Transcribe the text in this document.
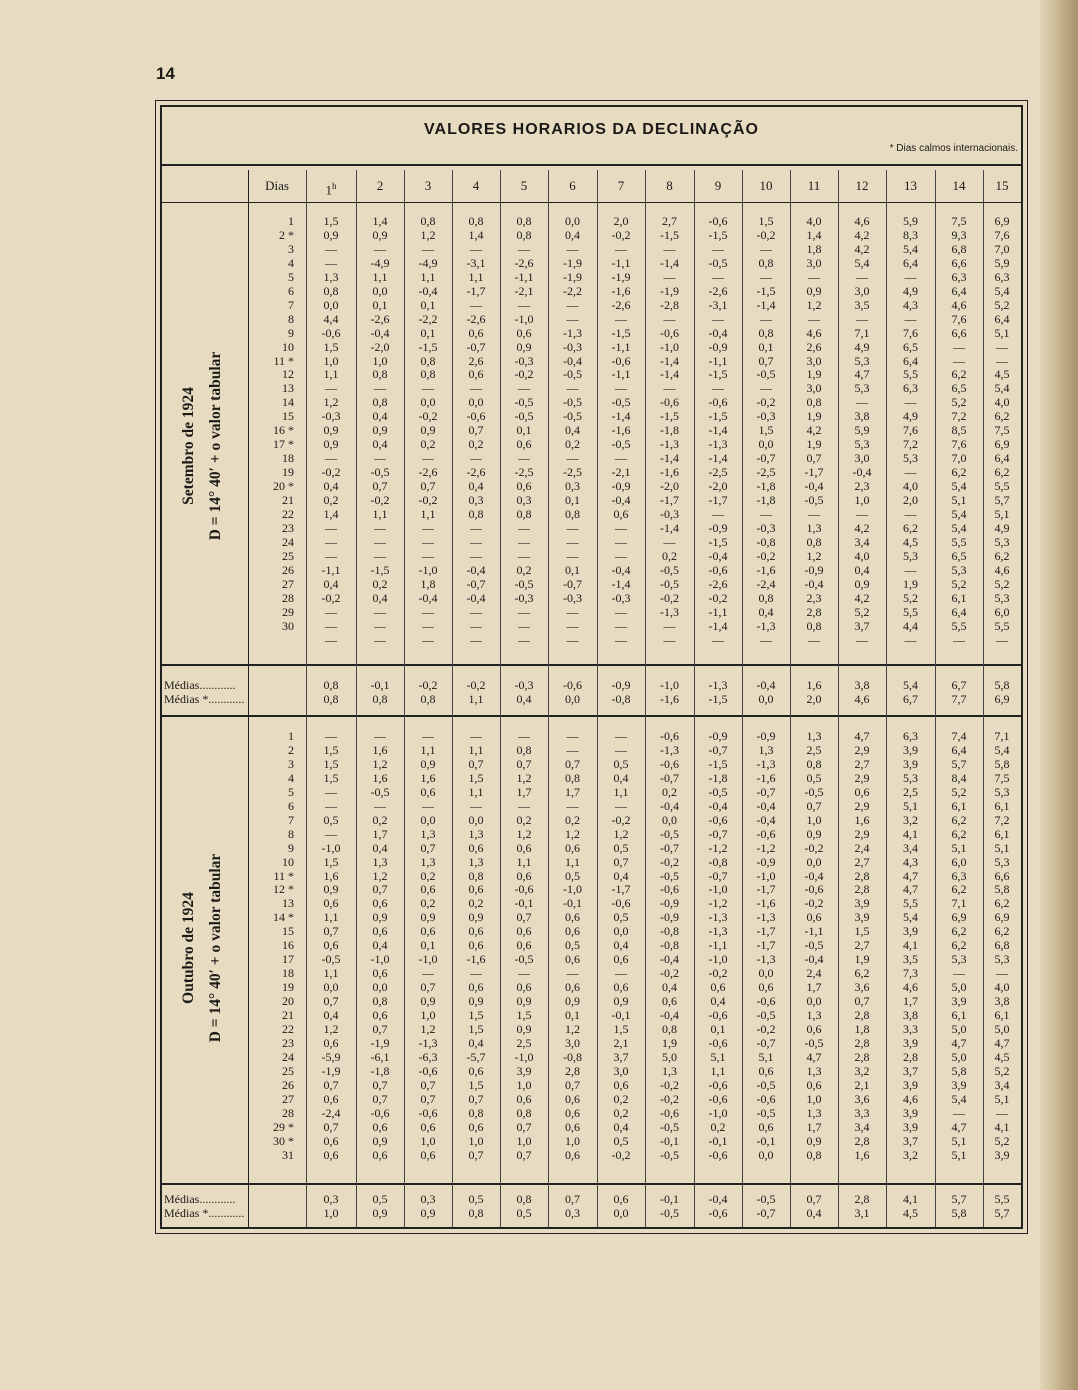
14
VALORES HORARIOS DA DECLINAÇÃO
* Dias calmos internacionais.
Dias	1$^h$	2	3	4	5	6	7	8	9	10	11	12	13	14	15
1	1,5	1,4	0,8	0,8	0,8	0,0	2,0	2,7	-0,6	1,5	4,0	4,6	5,9	7,5	6,9
2 *	0,9	0,9	1,2	1,4	0,8	0,4	-0,2	-1,5	-1,5	-0,2	1,4	4,2	8,3	9,3	7,6
3	—	—	—	—	—	—	—	—	—	—	1,8	4,2	5,4	6,8	7,0
4	—	-4,9	-4,9	-3,1	-2,6	-1,9	-1,1	-1,4	-0,5	0,8	3,0	5,4	6,4	6,6	5,9
5	1,3	1,1	1,1	1,1	-1,1	-1,9	-1,9	—	—	—	—	—	—	6,3	6,3
6	0,8	0,0	-0,4	-1,7	-2,1	-2,2	-1,6	-1,9	-2,6	-1,5	0,9	3,0	4,9	6,4	5,4
7	0,0	0,1	0,1	—	—	—	-2,6	-2,8	-3,1	-1,4	1,2	3,5	4,3	4,6	5,2
8	4,4	-2,6	-2,2	-2,6	-1,0	—	—	—	—	—	—	—	—	7,6	6,4
9	-0,6	-0,4	0,1	0,6	0,6	-1,3	-1,5	-0,6	-0,4	0,8	4,6	7,1	7,6	6,6	5,1
10	1,5	-2,0	-1,5	-0,7	0,9	-0,3	-1,1	-1,0	-0,9	0,1	2,6	4,9	6,5	—	—
11 *	1,0	1,0	0,8	2,6	-0,3	-0,4	-0,6	-1,4	-1,1	0,7	3,0	5,3	6,4	—	—
12	1,1	0,8	0,8	0,6	-0,2	-0,5	-1,1	-1,4	-1,5	-0,5	1,9	4,7	5,5	6,2	4,5
13	—	—	—	—	—	—	—	—	—	—	3,0	5,3	6,3	6,5	5,4
14	1,2	0,8	0,0	0,0	-0,5	-0,5	-0,5	-0,6	-0,6	-0,2	0,8	—	—	5,2	4,0
15	-0,3	0,4	-0,2	-0,6	-0,5	-0,5	-1,4	-1,5	-1,5	-0,3	1,9	3,8	4,9	7,2	6,2
16 *	0,9	0,9	0,9	0,7	0,1	0,4	-1,6	-1,8	-1,4	1,5	4,2	5,9	7,6	8,5	7,5
17 *	0,9	0,4	0,2	0,2	0,6	0,2	-0,5	-1,3	-1,3	0,0	1,9	5,3	7,2	7,6	6,9
18	—	—	—	—	—	—	—	-1,4	-1,4	-0,7	0,7	3,0	5,3	7,0	6,4
19	-0,2	-0,5	-2,6	-2,6	-2,5	-2,5	-2,1	-1,6	-2,5	-2,5	-1,7	-0,4	—	6,2	6,2
20 *	0,4	0,7	0,7	0,4	0,6	0,3	-0,9	-2,0	-2,0	-1,8	-0,4	2,3	4,0	5,4	5,5
21	0,2	-0,2	-0,2	0,3	0,3	0,1	-0,4	-1,7	-1,7	-1,8	-0,5	1,0	2,0	5,1	5,7
22	1,4	1,1	1,1	0,8	0,8	0,8	0,6	-0,3	—	—	—	—	—	5,4	5,1
23	—	—	—	—	—	—	—	-1,4	-0,9	-0,3	1,3	4,2	6,2	5,4	4,9
24	—	—	—	—	—	—	—	—	-1,5	-0,8	0,8	3,4	4,5	5,5	5,3
25	—	—	—	—	—	—	—	0,2	-0,4	-0,2	1,2	4,0	5,3	6,5	6,2
26	-1,1	-1,5	-1,0	-0,4	0,2	0,1	-0,4	-0,5	-0,6	-1,6	-0,9	0,4	—	5,3	4,6
27	0,4	0,2	1,8	-0,7	-0,5	-0,7	-1,4	-0,5	-2,6	-2,4	-0,4	0,9	1,9	5,2	5,2
28	-0,2	0,4	-0,4	-0,4	-0,3	-0,3	-0,3	-0,2	-0,2	0,8	2,3	4,2	5,2	6,1	5,3
29	—	—	—	—	—	—	—	-1,3	-1,1	0,4	2,8	5,2	5,5	6,4	6,0
30	—	—	—	—	—	—	—	—	-1,4	-1,3	0,8	3,7	4,4	5,5	5,5
—	—	—	—	—	—	—	—	—	—	—	—	—	—	—
Médias............	0,8	-0,1	-0,2	-0,2	-0,3	-0,6	-0,9	-1,0	-1,3	-0,4	1,6	3,8	5,4	6,7	5,8
Médias *............	0,8	0,8	0,8	1,1	0,4	0,0	-0,8	-1,6	-1,5	0,0	2,0	4,6	6,7	7,7	6,9
1	—	—	—	—	—	—	—	-0,6	-0,9	-0,9	1,3	4,7	6,3	7,4	7,1
2	1,5	1,6	1,1	1,1	0,8	—	—	-1,3	-0,7	1,3	2,5	2,9	3,9	6,4	5,4
3	1,5	1,2	0,9	0,7	0,7	0,7	0,5	-0,6	-1,5	-1,3	0,8	2,7	3,9	5,7	5,8
4	1,5	1,6	1,6	1,5	1,2	0,8	0,4	-0,7	-1,8	-1,6	0,5	2,9	5,3	8,4	7,5
5	—	-0,5	0,6	1,1	1,7	1,7	1,1	0,2	-0,5	-0,7	-0,5	0,6	2,5	5,2	5,3
6	—	—	—	—	—	—	—	-0,4	-0,4	-0,4	0,7	2,9	5,1	6,1	6,1
7	0,5	0,2	0,0	0,0	0,2	0,2	-0,2	0,0	-0,6	-0,4	1,0	1,6	3,2	6,2	7,2
8	—	1,7	1,3	1,3	1,2	1,2	1,2	-0,5	-0,7	-0,6	0,9	2,9	4,1	6,2	6,1
9	-1,0	0,4	0,7	0,6	0,6	0,6	0,5	-0,7	-1,2	-1,2	-0,2	2,4	3,4	5,1	5,1
10	1,5	1,3	1,3	1,3	1,1	1,1	0,7	-0,2	-0,8	-0,9	0,0	2,7	4,3	6,0	5,3
11 *	1,6	1,2	0,2	0,8	0,6	0,5	0,4	-0,5	-0,7	-1,0	-0,4	2,8	4,7	6,3	6,6
12 *	0,9	0,7	0,6	0,6	-0,6	-1,0	-1,7	-0,6	-1,0	-1,7	-0,6	2,8	4,7	6,2	5,8
13	0,6	0,6	0,2	0,2	-0,1	-0,1	-0,6	-0,9	-1,2	-1,6	-0,2	3,9	5,5	7,1	6,2
14 *	1,1	0,9	0,9	0,9	0,7	0,6	0,5	-0,9	-1,3	-1,3	0,6	3,9	5,4	6,9	6,9
15	0,7	0,6	0,6	0,6	0,6	0,6	0,0	-0,8	-1,3	-1,7	-1,1	1,5	3,9	6,2	6,2
16	0,6	0,4	0,1	0,6	0,6	0,5	0,4	-0,8	-1,1	-1,7	-0,5	2,7	4,1	6,2	6,8
17	-0,5	-1,0	-1,0	-1,6	-0,5	0,6	0,6	-0,4	-1,0	-1,3	-0,4	1,9	3,5	5,3	5,3
18	1,1	0,6	—	—	—	—	—	-0,2	-0,2	0,0	2,4	6,2	7,3	—	—
19	0,0	0,0	0,7	0,6	0,6	0,6	0,6	0,4	0,6	0,6	1,7	3,6	4,6	5,0	4,0
20	0,7	0,8	0,9	0,9	0,9	0,9	0,9	0,6	0,4	-0,6	0,0	0,7	1,7	3,9	3,8
21	0,4	0,6	1,0	1,5	1,5	0,1	-0,1	-0,4	-0,6	-0,5	1,3	2,8	3,8	6,1	6,1
22	1,2	0,7	1,2	1,5	0,9	1,2	1,5	0,8	0,1	-0,2	0,6	1,8	3,3	5,0	5,0
23	0,6	-1,9	-1,3	0,4	2,5	3,0	2,1	1,9	-0,6	-0,7	-0,5	2,8	3,9	4,7	4,7
24	-5,9	-6,1	-6,3	-5,7	-1,0	-0,8	3,7	5,0	5,1	5,1	4,7	2,8	2,8	5,0	4,5
25	-1,9	-1,8	-0,6	0,6	3,9	2,8	3,0	1,3	1,1	0,6	1,3	3,2	3,7	5,8	5,2
26	0,7	0,7	0,7	1,5	1,0	0,7	0,6	-0,2	-0,6	-0,5	0,6	2,1	3,9	3,9	3,4
27	0,6	0,7	0,7	0,7	0,6	0,6	0,2	-0,2	-0,6	-0,6	1,0	3,6	4,6	5,4	5,1
28	-2,4	-0,6	-0,6	0,8	0,8	0,6	0,2	-0,6	-1,0	-0,5	1,3	3,3	3,9	—	—
29 *	0,7	0,6	0,6	0,6	0,7	0,6	0,4	-0,5	0,2	0,6	1,7	3,4	3,9	4,7	4,1
30 *	0,6	0,9	1,0	1,0	1,0	1,0	0,5	-0,1	-0,1	-0,1	0,9	2,8	3,7	5,1	5,2
31	0,6	0,6	0,6	0,7	0,7	0,6	-0,2	-0,5	-0,6	0,0	0,8	1,6	3,2	5,1	3,9
Médias............	0,3	0,5	0,3	0,5	0,8	0,7	0,6	-0,1	-0,4	-0,5	0,7	2,8	4,1	5,7	5,5
Médias *............	1,0	0,9	0,9	0,8	0,5	0,3	0,0	-0,5	-0,6	-0,7	0,4	3,1	4,5	5,8	5,7
Setembro de 1924 D = 14° 40′ + o valor tabular
Outubro de 1924 D = 14° 40′ + o valor tabular
